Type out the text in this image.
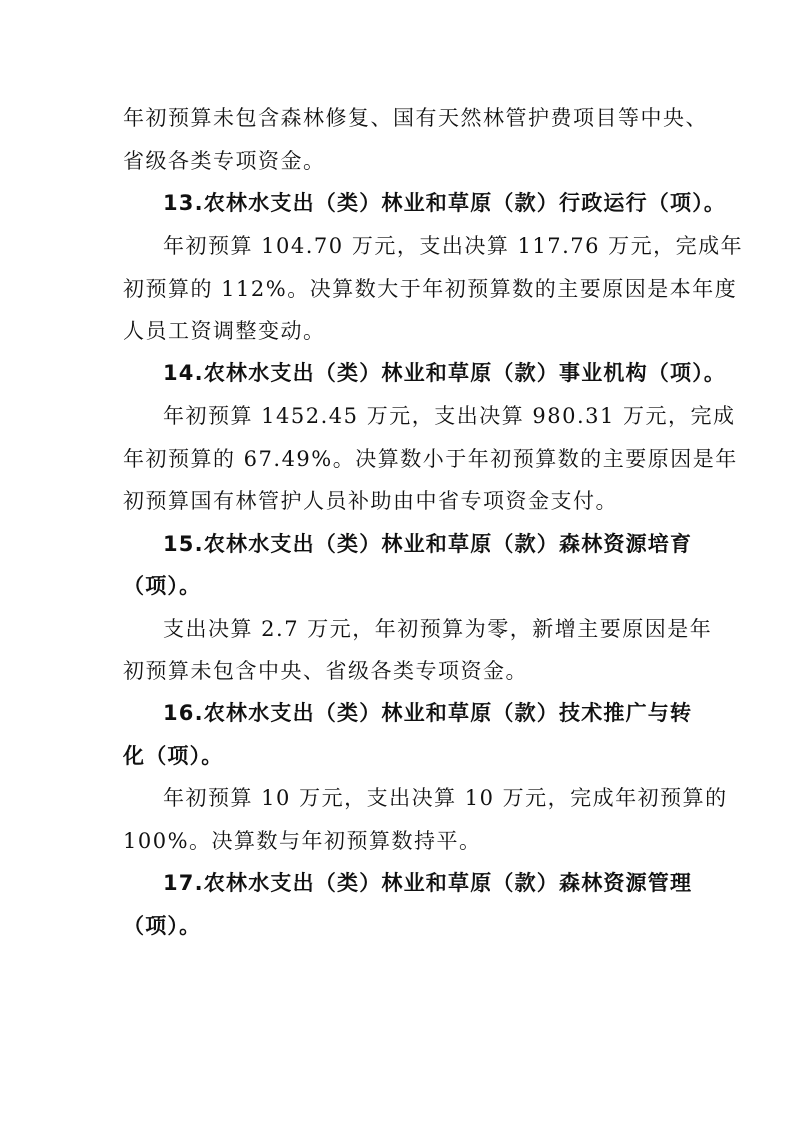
年初预算未包含森林修复、国有天然林管护费项目等中央、
省级各类专项资金。
13.农林水支出（类）林业和草原（款）行政运行（项）。
年初预算 104.70 万元，支出决算 117.76 万元，完成年
初预算的 112%。决算数大于年初预算数的主要原因是本年度
人员工资调整变动。
14.农林水支出（类）林业和草原（款）事业机构（项）。
年初预算 1452.45 万元，支出决算 980.31 万元，完成
年初预算的 67.49%。决算数小于年初预算数的主要原因是年
初预算国有林管护人员补助由中省专项资金支付。
15.农林水支出（类）林业和草原（款）森林资源培育
（项）。
支出决算 2.7 万元，年初预算为零，新增主要原因是年
初预算未包含中央、省级各类专项资金。
16.农林水支出（类）林业和草原（款）技术推广与转
化（项）。
年初预算 10 万元，支出决算 10 万元，完成年初预算的
100%。决算数与年初预算数持平。
17.农林水支出（类）林业和草原（款）森林资源管理
（项）。
